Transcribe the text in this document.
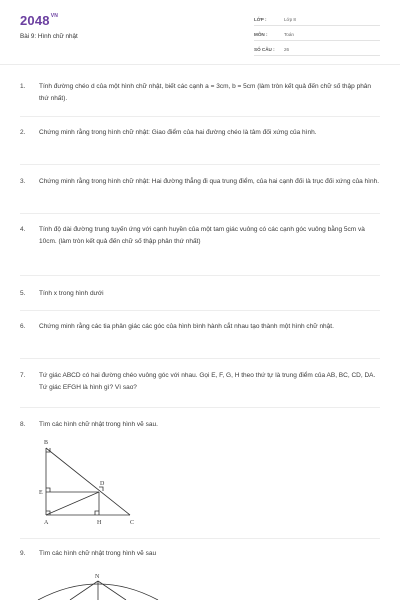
$2048^{VN}$
Bài 9: Hình chữ nhật
LỚP :	Lớp 8
MÔN :	Toán
SỐ CÂU : 26
1.	Tính đường chéo d của một hình chữ nhật, biết các cạnh a = 3cm, b = 5cm (làm tròn kết quả đến chữ số thập phân thứ nhất).
2.	Chứng minh rằng trong hình chữ nhật: Giao điểm của hai đường chéo là tâm đối xứng của hình.
3.	Chứng minh rằng trong hình chữ nhật: Hai đường thẳng đi qua trung điểm, của hai cạnh đối là trục đối xứng của hình.
4.	Tính độ dài đường trung tuyến ứng với cạnh huyền của một tam giác vuông có các cạnh góc vuông bằng 5cm và 10cm. (làm tròn kết quả đến chữ số thập phân thứ nhất)
5.	Tính x trong hình dưới
6.	Chứng minh rằng các tia phân giác các góc của hình bình hành cắt nhau tạo thành một hình chữ nhật.
7.	Tứ giác ABCD có hai đường chéo vuông góc với nhau. Gọi E, F, G, H theo thứ tự là trung điểm của AB, BC, CD, DA. Tứ giác EFGH là hình gì? Vì sao?
8.	Tìm các hình chữ nhật trong hình vẽ sau.
B
E
D
A	H	C
9.	Tìm các hình chữ nhật trong hình vẽ sau
N
